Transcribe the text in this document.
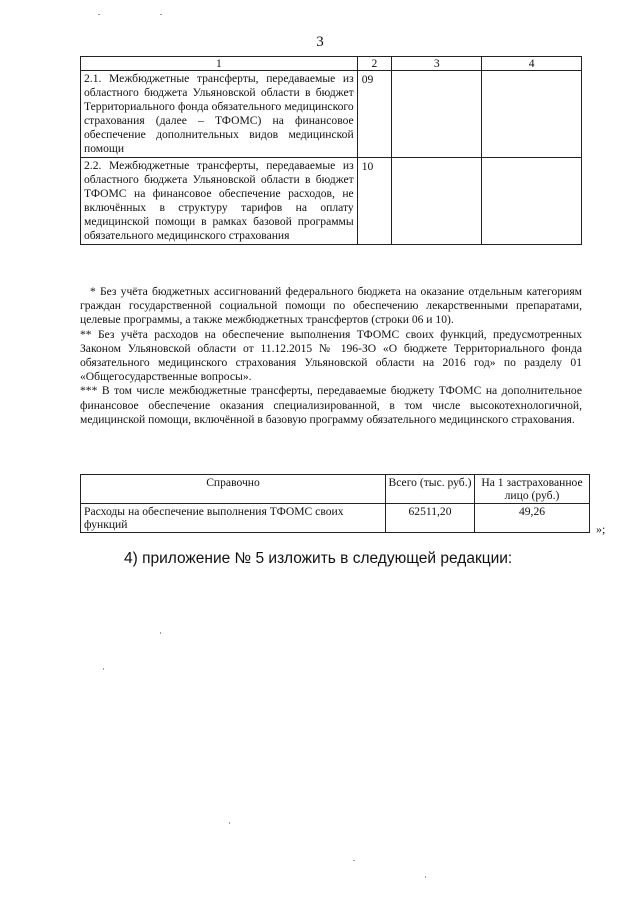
3
1	2	3	4
2.1. Межбюджетные трансферты, передаваемые из областного бюджета Ульяновской области в бюджет Территориального фонда обязательного медицинского страхования (далее – ТФОМС) на финансовое обеспечение дополнительных видов медицинской помощи	09		
2.2. Межбюджетные трансферты, передаваемые из областного бюджета Ульяновской области в бюджет ТФОМС на финансовое обеспечение расходов, не включённых в структуру тарифов на оплату медицинской помощи в рамках базовой программы обязательного медицинского страхования	10		

* Без учёта бюджетных ассигнований федерального бюджета на оказание отдельным категориям граждан государственной социальной помощи по обеспечению лекарственными препаратами, целевые программы, а также межбюджетных трансфертов (строки 06 и 10).

** Без учёта расходов на обеспечение выполнения ТФОМС своих функций, предусмотренных Законом Ульяновской области от 11.12.2015 № 196-ЗО «О бюджете Территориального фонда обязательного медицинского страхования Ульяновской области на 2016 год» по разделу 01 «Общегосударственные вопросы».

*** В том числе межбюджетные трансферты, передаваемые бюджету ТФОМС на дополнительное финансовое обеспечение оказания специализированной, в том числе высокотехнологичной, медицинской помощи, включённой в базовую программу обязательного медицинского страхования.

Справочно	Всего (тыс. руб.)	На 1 застрахованное лицо (руб.)
Расходы на обеспечение выполнения ТФОМС своих функций	62511,20	49,26
»;
4) приложение № 5 изложить в следующей редакции:
